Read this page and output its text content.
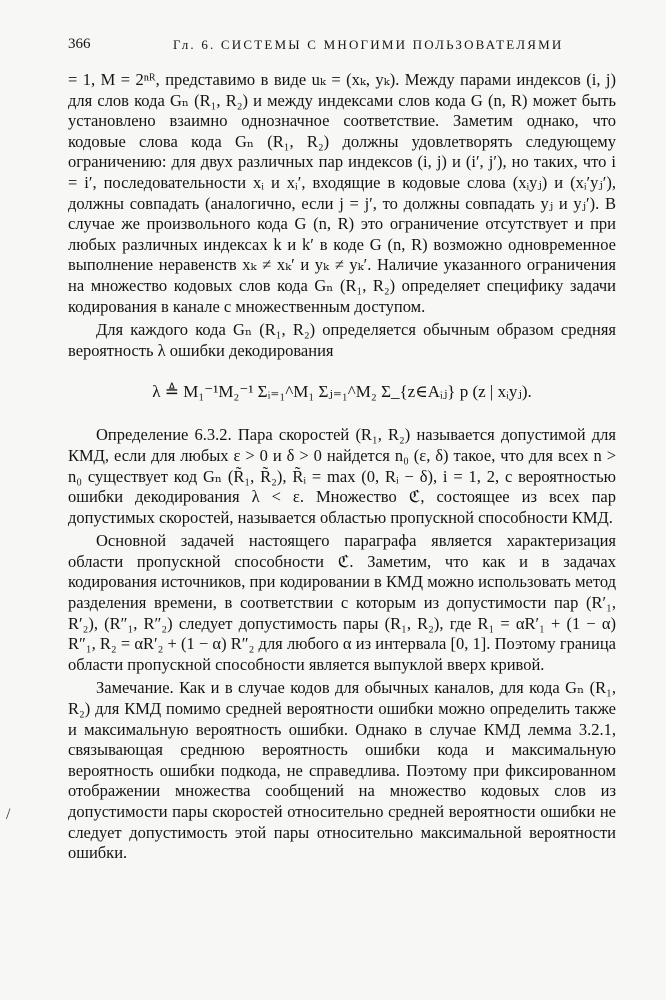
366	Гл. 6. СИСТЕМЫ С МНОГИМИ ПОЛЬЗОВАТЕЛЯМИ
/

= 1, M = 2ⁿᴿ, представимо в виде uₖ = (xₖ, yₖ). Между парами индексов (i, j) для слов кода Gₙ (R₁, R₂) и между индексами слов кода G (n, R) может быть установлено взаимно однозначное соответствие. Заметим однако, что кодовые слова кода Gₙ (R₁, R₂) должны удовлетворять следующему ограничению: для двух различных пар индексов (i, j) и (i′, j′), но таких, что i = i′, последовательности xᵢ и xᵢ′, входящие в кодовые слова (xᵢyⱼ) и (xᵢ′yⱼ′), должны совпадать (аналогично, если j = j′, то должны совпадать yⱼ и yⱼ′). В случае же произвольного кода G (n, R) это ограничение отсутствует и при любых различных индексах k и k′ в коде G (n, R) возможно одновременное выполнение неравенств xₖ ≠ xₖ′ и yₖ ≠ yₖ′. Наличие указанного ограничения на множество кодовых слов кода Gₙ (R₁, R₂) определяет специфику задачи кодирования в канале с множественным доступом.

Для каждого кода Gₙ (R₁, R₂) определяется обычным образом средняя вероятность λ ошибки декодирования

λ ≜ M₁⁻¹M₂⁻¹ Σᵢ₌₁^M₁ Σⱼ₌₁^M₂ Σ_{z∈Aᵢⱼ} p (z | xᵢyⱼ).

Определение 6.3.2. Пара скоростей (R₁, R₂) называется допустимой для КМД, если для любых ε > 0 и δ > 0 найдется n₀ (ε, δ) такое, что для всех n > n₀ существует код Gₙ (R̃₁, R̃₂), R̃ᵢ = max (0, Rᵢ − δ), i = 1, 2, с вероятностью ошибки декодирования λ < ε. Множество ℭ, состоящее из всех пар допустимых скоростей, называется областью пропускной способности КМД.

Основной задачей настоящего параграфа является характеризация области пропускной способности ℭ. Заметим, что как и в задачах кодирования источников, при кодировании в КМД можно использовать метод разделения времени, в соответствии с которым из допустимости пар (R′₁, R′₂), (R″₁, R″₂) следует допустимость пары (R₁, R₂), где R₁ = αR′₁ + (1 − α) R″₁, R₂ = αR′₂ + (1 − α) R″₂ для любого α из интервала [0, 1]. Поэтому граница области пропускной способности является выпуклой вверх кривой.

Замечание. Как и в случае кодов для обычных каналов, для кода Gₙ (R₁, R₂) для КМД помимо средней вероятности ошибки можно определить также и максимальную вероятность ошибки. Однако в случае КМД лемма 3.2.1, связывающая среднюю вероятность ошибки кода и максимальную вероятность ошибки подкода, не справедлива. Поэтому при фиксированном отображении множества сообщений на множество кодовых слов из допустимости пары скоростей относительно средней вероятности ошибки не следует допустимость этой пары относительно максимальной вероятности ошибки.
